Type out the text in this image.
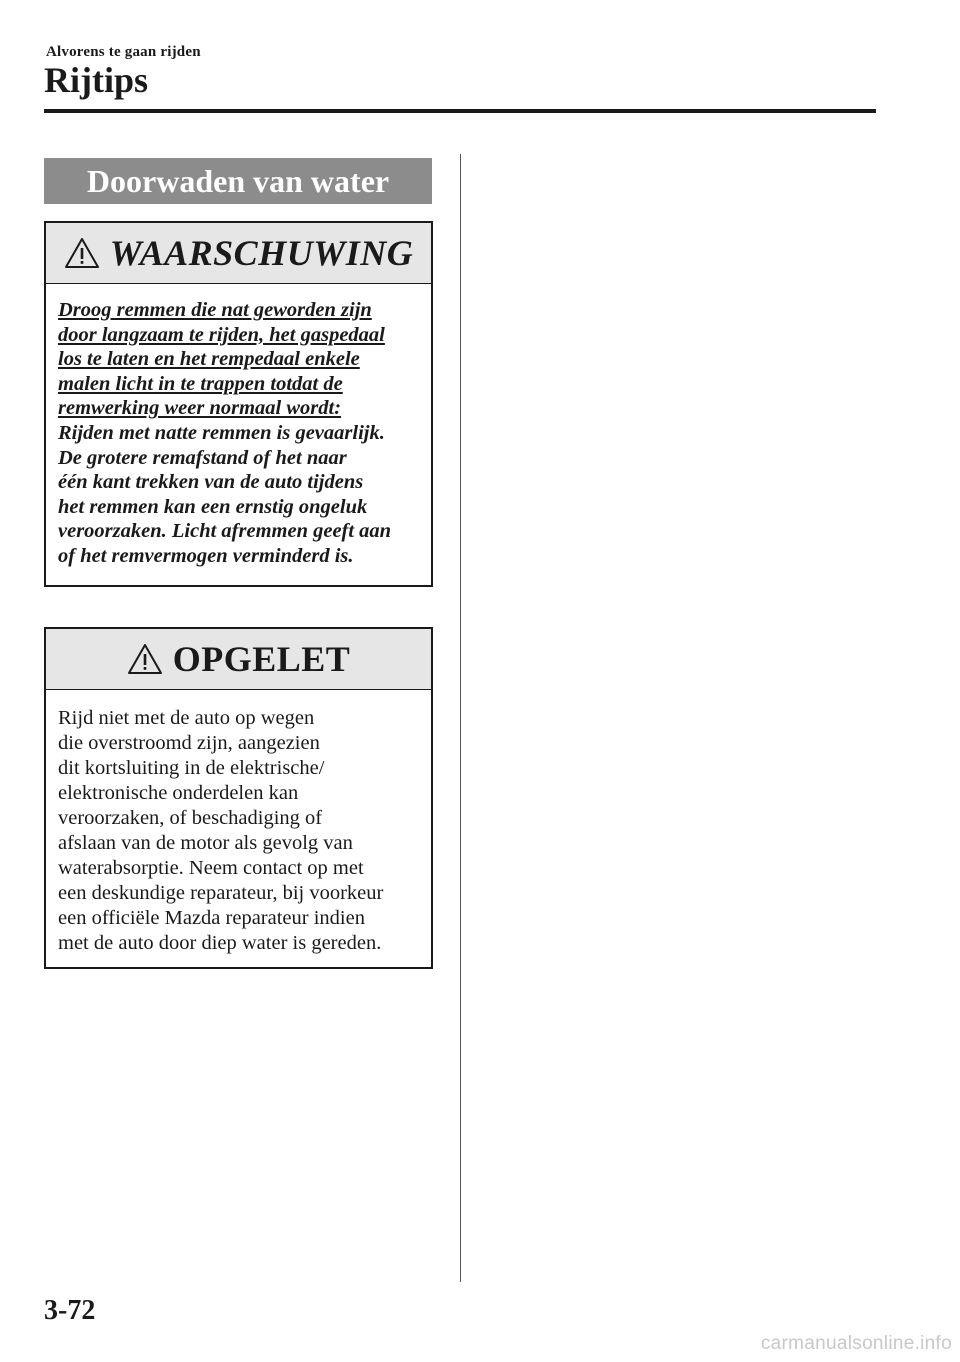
Alvorens te gaan rijden
Rijtips
Doorwaden van water
WAARSCHUWING
Droog remmen die nat geworden zijn
door langzaam te rijden, het gaspedaal
los te laten en het rempedaal enkele
malen licht in te trappen totdat de
remwerking weer normaal wordt:
Rijden met natte remmen is gevaarlijk.
De grotere remafstand of het naar
één kant trekken van de auto tijdens
het remmen kan een ernstig ongeluk
veroorzaken. Licht afremmen geeft aan
of het remvermogen verminderd is.
OPGELET
Rijd niet met de auto op wegen
die overstroomd zijn, aangezien
dit kortsluiting in de elektrische/
elektronische onderdelen kan
veroorzaken, of beschadiging of
afslaan van de motor als gevolg van
waterabsorptie. Neem contact op met
een deskundige reparateur, bij voorkeur
een officiële Mazda reparateur indien
met de auto door diep water is gereden.
3-72
carmanualsonline.info
